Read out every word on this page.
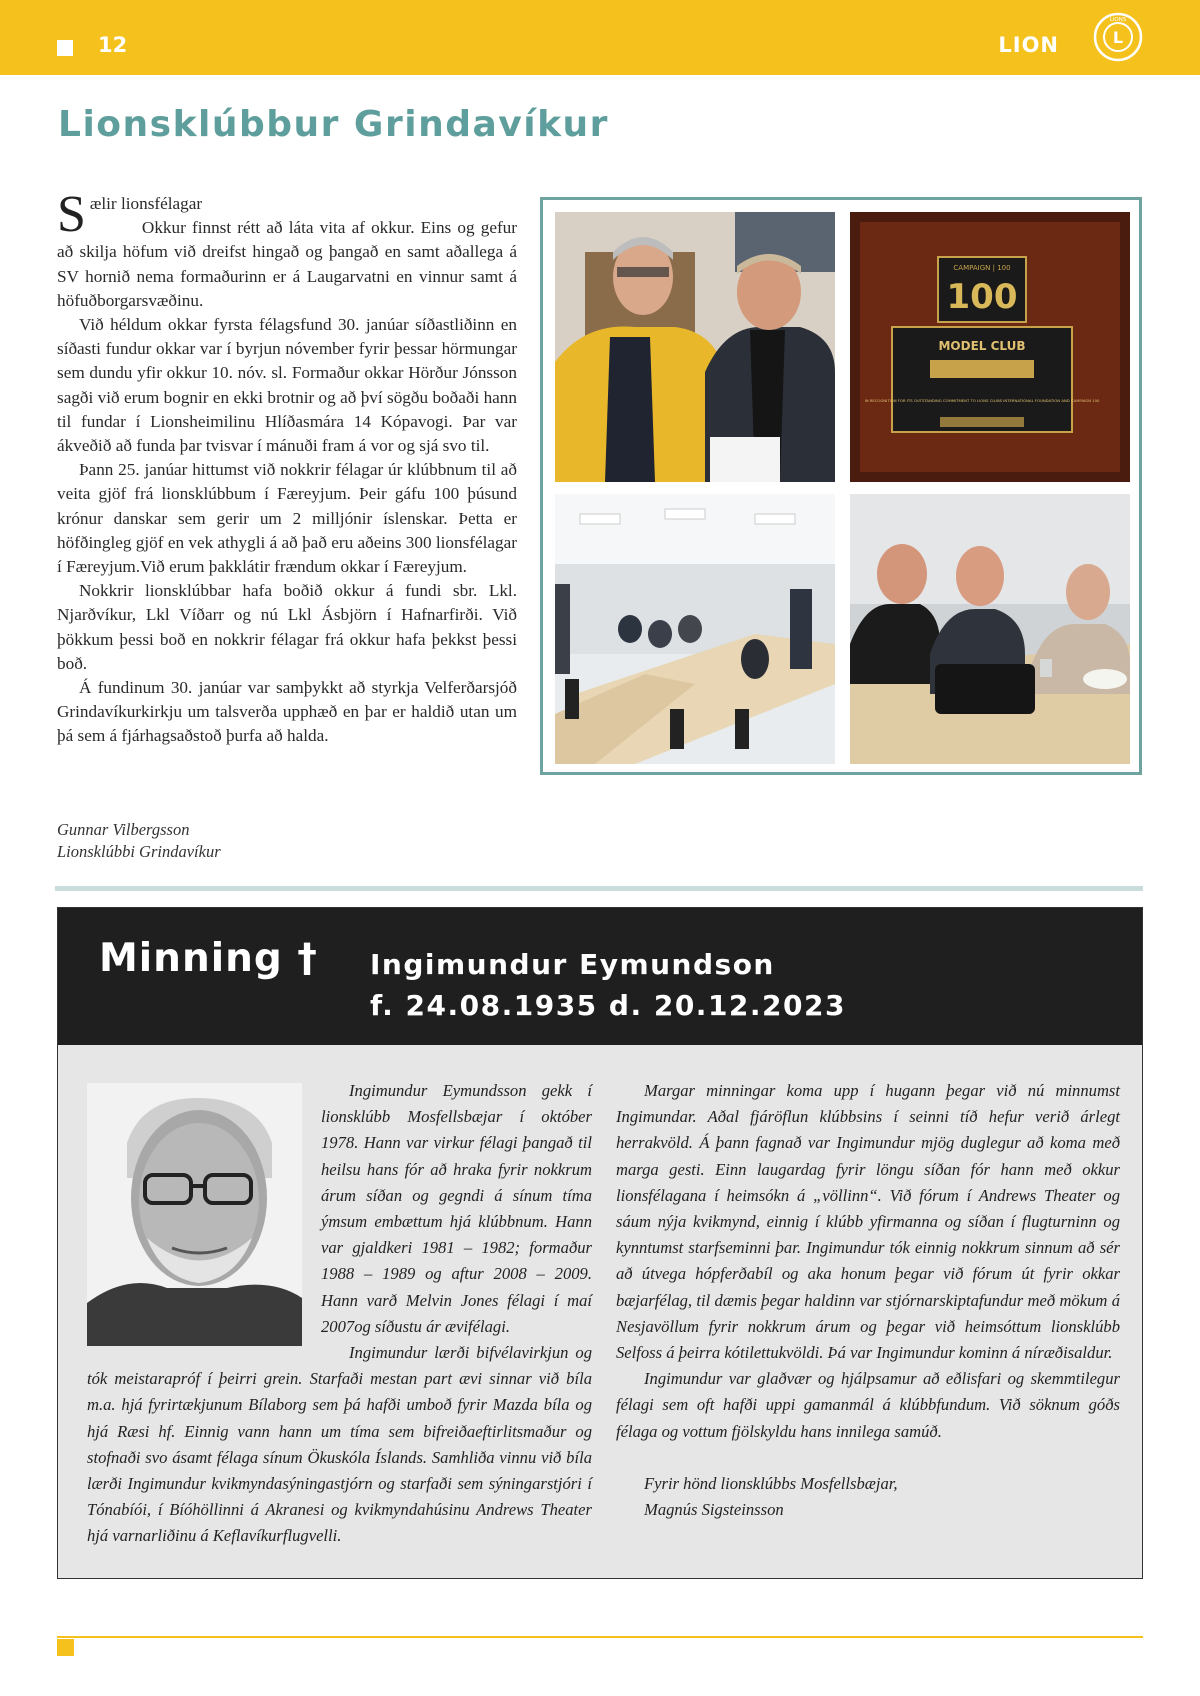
12	LION	L
LIONS
Lionsklúbbur Grindavíkur

Sælir lionsfélagar
Okkur finnst rétt að láta vita af okkur. Eins og gefur að skilja höfum við dreifst hingað og þangað en samt aðallega á SV hornið nema formaðurinn er á Laugarvatni en vinnur samt á höfuðborgarsvæðinu.

Við héldum okkar fyrsta félagsfund 30. janúar síðastliðinn en síðasti fundur okkar var í byrjun nóvember fyrir þessar hörmungar sem dundu yfir okkur 10. nóv. sl. Formaður okkar Hörður Jónsson sagði við erum bognir en ekki brotnir og að því sögðu boðaði hann til fundar í Lionsheimilinu Hlíðasmára 14 Kópavogi. Þar var ákveðið að funda þar tvisvar í mánuði fram á vor og sjá svo til.

Þann 25. janúar hittumst við nokkrir félagar úr klúbbnum til að veita gjöf frá lionsklúbbum í Færeyjum. Þeir gáfu 100 þúsund krónur danskar sem gerir um 2 milljónir íslenskar. Þetta er höfðingleg gjöf en vek athygli á að það eru aðeins 300 lionsfélagar í Færeyjum.Við erum þakklátir frændum okkar í Færeyjum.

Nokkrir lionsklúbbar hafa boðið okkur á fundi sbr. Lkl. Njarðvíkur, Lkl Víðarr og nú Lkl Ásbjörn í Hafnarfirði. Við þökkum þessi boð en nokkrir félagar frá okkur hafa þekkst þessi boð.

Á fundinum 30. janúar var samþykkt að styrkja Velferðarsjóð Grindavíkurkirkju um talsverða upphæð en þar er haldið utan um þá sem á fjárhagsaðstoð þurfa að halda.

Gunnar Vilbergsson
Lionsklúbbi Grindavíkur
CAMPAIGN | 100
100
MODEL CLUB
IN RECOGNITION FOR ITS OUTSTANDING COMMITMENT TO LIONS CLUBS INTERNATIONAL FOUNDATION AND CAMPAIGN 100
Minning † Ingimundur Eymundson
f. 24.08.1935 d. 20.12.2023

Ingimundur Eymundsson gekk í lionsklúbb Mosfellsbæjar í október 1978. Hann var virkur félagi þangað til heilsu hans fór að hraka fyrir nokkrum árum síðan og gegndi á sínum tíma ýmsum embættum hjá klúbbnum. Hann var gjaldkeri 1981 – 1982; formaður 1988 – 1989 og aftur 2008 – 2009. Hann varð Melvin Jones félagi í maí 2007og síðustu ár ævifélagi.

Ingimundur lærði bifvélavirkjun og tók meistarapróf í þeirri grein. Starfaði mestan part ævi sinnar við bíla m.a. hjá fyrirtækjunum Bílaborg sem þá hafði umboð fyrir Mazda bíla og hjá Ræsi hf. Einnig vann hann um tíma sem bifreiðaeftirlitsmaður og stofnaði svo ásamt félaga sínum Ökuskóla Íslands. Samhliða vinnu við bíla lærði Ingimundur kvikmyndasýningastjórn og starfaði sem sýningarstjóri í Tónabíói, í Bíóhöllinni á Akranesi og kvikmyndahúsinu Andrews Theater hjá varnarliðinu á Keflavíkurflugvelli.

Margar minningar koma upp í hugann þegar við nú minnumst Ingimundar. Aðal fjáröflun klúbbsins í seinni tíð hefur verið árlegt herrakvöld. Á þann fagnað var Ingimundur mjög duglegur að koma með marga gesti. Einn laugardag fyrir löngu síðan fór hann með okkur lionsfélagana í heimsókn á „völlinn“. Við fórum í Andrews Theater og sáum nýja kvikmynd, einnig í klúbb yfirmanna og síðan í flugturninn og kynntumst starfseminni þar. Ingimundur tók einnig nokkrum sinnum að sér að útvega hópferðabíl og aka honum þegar við fórum út fyrir okkar bæjarfélag, til dæmis þegar haldinn var stjórnarskiptafundur með mökum á Nesjavöllum fyrir nokkrum árum og þegar við heimsóttum lionsklúbb Selfoss á þeirra kótilettukvöldi. Þá var Ingimundur kominn á níræðisaldur.

Ingimundur var glaðvær og hjálpsamur að eðlisfari og skemmtilegur félagi sem oft hafði uppi gamanmál á klúbbfundum. Við söknum góðs félaga og vottum fjölskyldu hans innilega samúð.

Fyrir hönd lionsklúbbs Mosfellsbæjar,

Magnús Sigsteinsson
